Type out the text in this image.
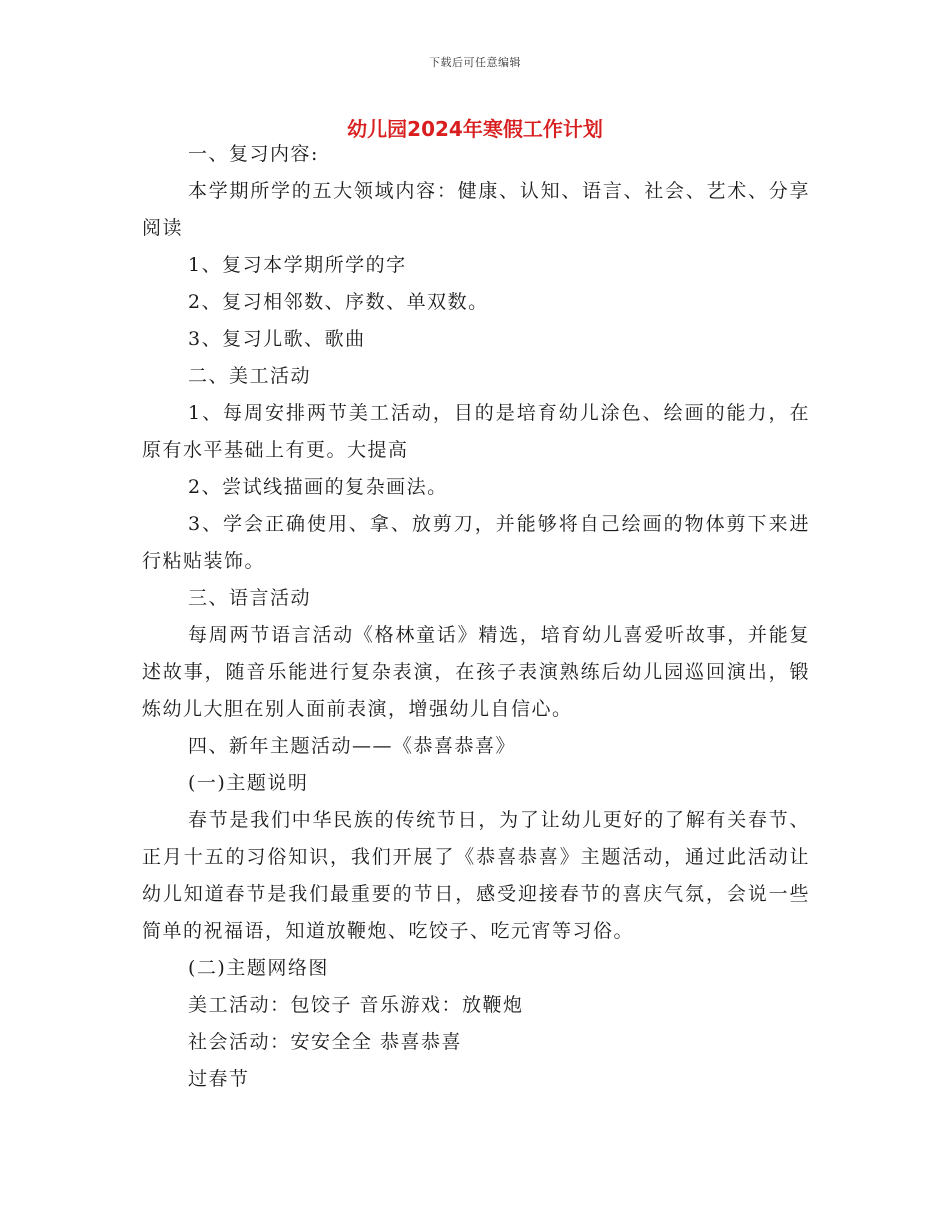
下载后可任意编辑
幼儿园2024年寒假工作计划

一、复习内容:

本学期所学的五大领域内容：健康、认知、语言、社会、艺术、分享阅读

1、复习本学期所学的字

2、复习相邻数、序数、单双数。

3、复习儿歌、歌曲

二、美工活动

1、每周安排两节美工活动，目的是培育幼儿涂色、绘画的能力，在原有水平基础上有更。大提高

2、尝试线描画的复杂画法。

3、学会正确使用、拿、放剪刀，并能够将自己绘画的物体剪下来进行粘贴装饰。

三、语言活动

每周两节语言活动《格林童话》精选，培育幼儿喜爱听故事，并能复述故事，随音乐能进行复杂表演，在孩子表演熟练后幼儿园巡回演出，锻炼幼儿大胆在别人面前表演，增强幼儿自信心。

四、新年主题活动——《恭喜恭喜》

(一)主题说明

春节是我们中华民族的传统节日，为了让幼儿更好的了解有关春节、正月十五的习俗知识，我们开展了《恭喜恭喜》主题活动，通过此活动让幼儿知道春节是我们最重要的节日，感受迎接春节的喜庆气氛，会说一些简单的祝福语，知道放鞭炮、吃饺子、吃元宵等习俗。

(二)主题网络图

美工活动：包饺子 音乐游戏：放鞭炮

社会活动：安安全全 恭喜恭喜

过春节
